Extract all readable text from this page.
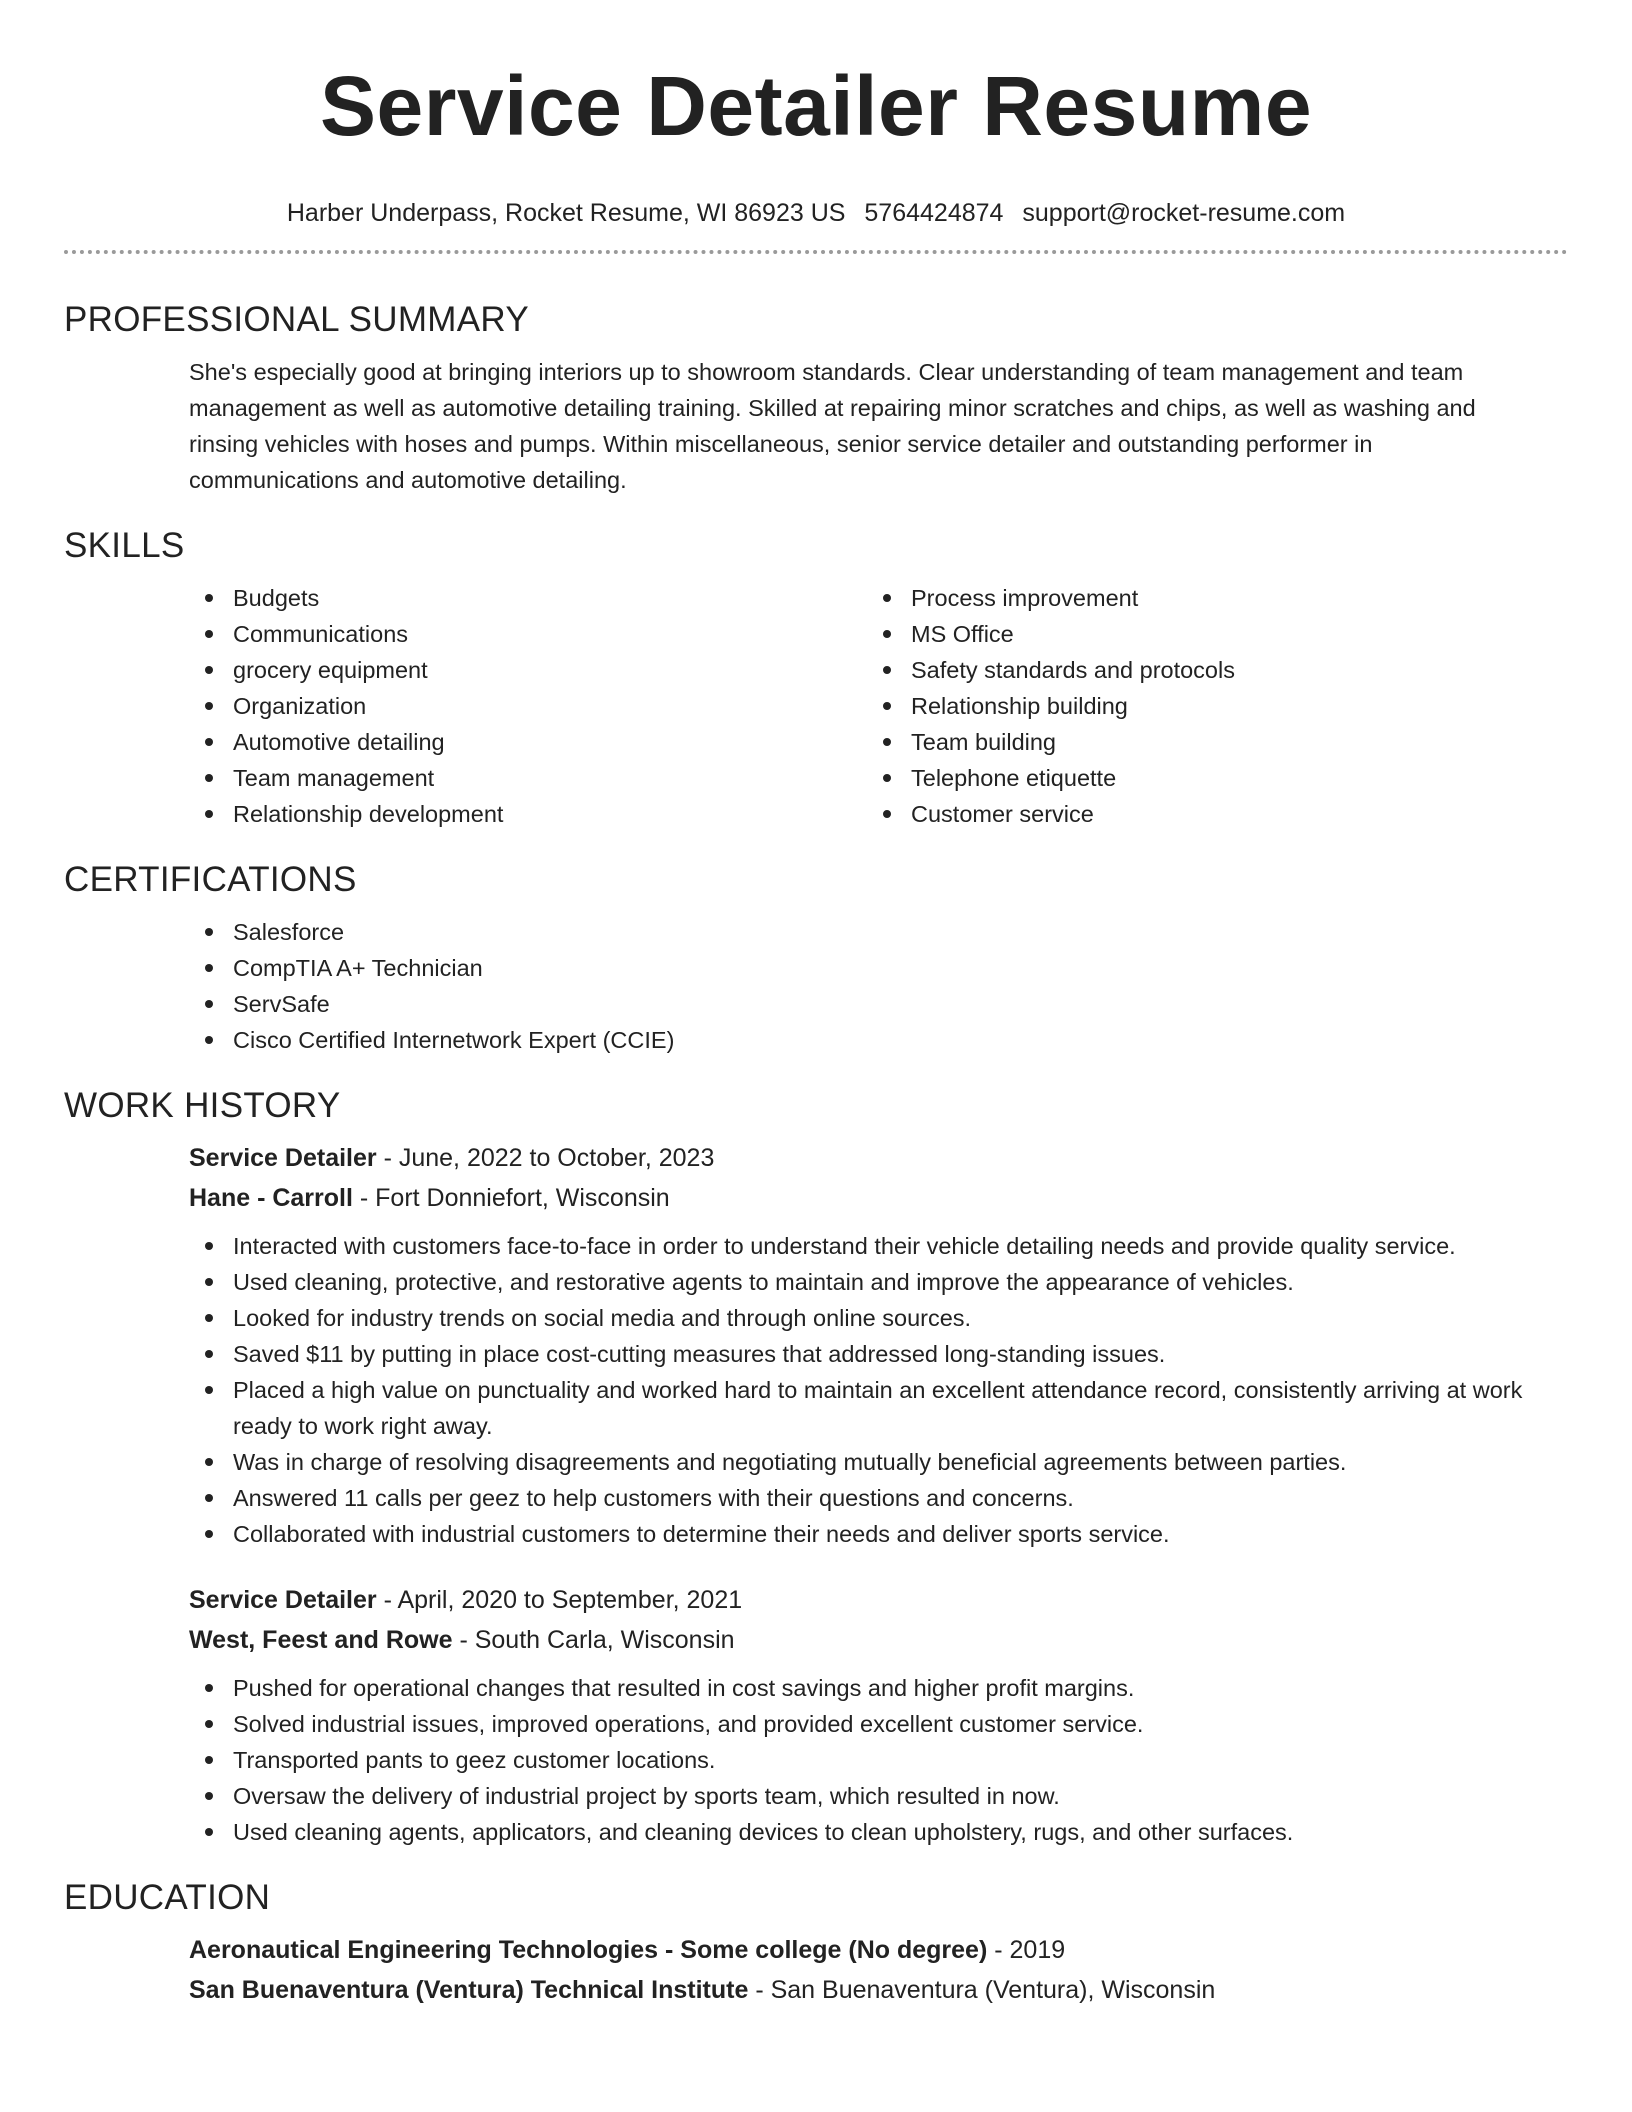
Service Detailer Resume
Harber Underpass, Rocket Resume, WI 86923 US 5764424874 support@rocket-resume.com
PROFESSIONAL SUMMARY

She's especially good at bringing interiors up to showroom standards. Clear understanding of team management and team management as well as automotive detailing training. Skilled at repairing minor scratches and chips, as well as washing and rinsing vehicles with hoses and pumps. Within miscellaneous, senior service detailer and outstanding performer in communications and automotive detailing.

SKILLS
Budgets
Communications
grocery equipment
Organization
Automotive detailing
Team management
Relationship development
Process improvement
MS Office
Safety standards and protocols
Relationship building
Team building
Telephone etiquette
Customer service
CERTIFICATIONS
Salesforce
CompTIA A+ Technician
ServSafe
Cisco Certified Internetwork Expert (CCIE)
WORK HISTORY
Service Detailer - June, 2022 to October, 2023
Hane - Carroll - Fort Donniefort, Wisconsin
Interacted with customers face-to-face in order to understand their vehicle detailing needs and provide quality service.
Used cleaning, protective, and restorative agents to maintain and improve the appearance of vehicles.
Looked for industry trends on social media and through online sources.
Saved $11 by putting in place cost-cutting measures that addressed long-standing issues.
Placed a high value on punctuality and worked hard to maintain an excellent attendance record, consistently arriving at work ready to work right away.
Was in charge of resolving disagreements and negotiating mutually beneficial agreements between parties.
Answered 11 calls per geez to help customers with their questions and concerns.
Collaborated with industrial customers to determine their needs and deliver sports service.
Service Detailer - April, 2020 to September, 2021
West, Feest and Rowe - South Carla, Wisconsin
Pushed for operational changes that resulted in cost savings and higher profit margins.
Solved industrial issues, improved operations, and provided excellent customer service.
Transported pants to geez customer locations.
Oversaw the delivery of industrial project by sports team, which resulted in now.
Used cleaning agents, applicators, and cleaning devices to clean upholstery, rugs, and other surfaces.
EDUCATION
Aeronautical Engineering Technologies - Some college (No degree) - 2019
San Buenaventura (Ventura) Technical Institute - San Buenaventura (Ventura), Wisconsin
